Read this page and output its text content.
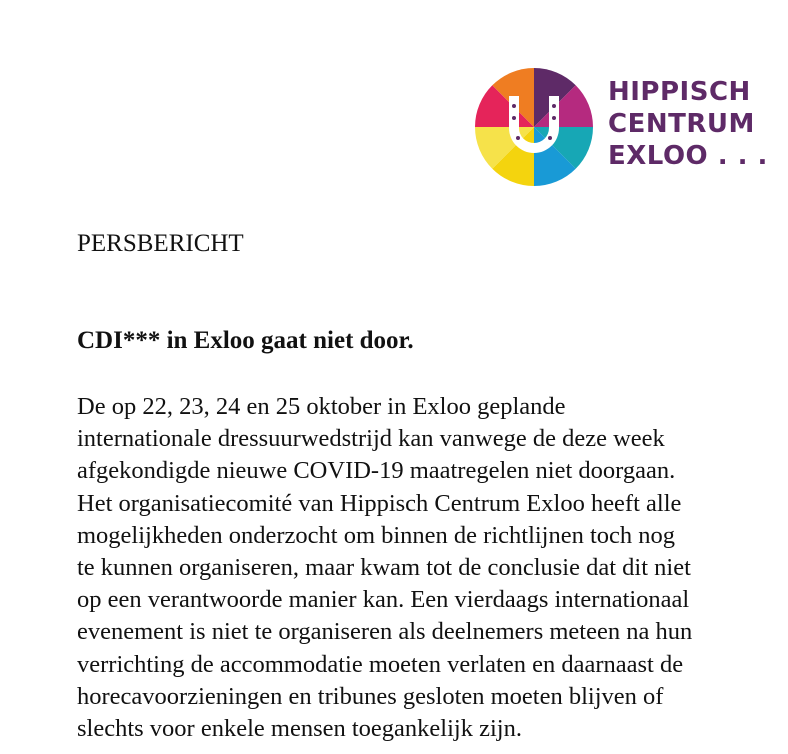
HIPPISCH
CENTRUM
EXLOO . . .
PERSBERICHT
CDI*** in Exloo gaat niet door.
De op 22, 23, 24 en 25 oktober in Exloo geplande
internationale dressuurwedstrijd kan vanwege de deze week
afgekondigde nieuwe COVID-19 maatregelen niet doorgaan.
Het organisatiecomité van Hippisch Centrum Exloo heeft alle
mogelijkheden onderzocht om binnen de richtlijnen toch nog
te kunnen organiseren, maar kwam tot de conclusie dat dit niet
op een verantwoorde manier kan. Een vierdaags internationaal
evenement is niet te organiseren als deelnemers meteen na hun
verrichting de accommodatie moeten verlaten en daarnaast de
horecavoorzieningen en tribunes gesloten moeten blijven of
slechts voor enkele mensen toegankelijk zijn.
